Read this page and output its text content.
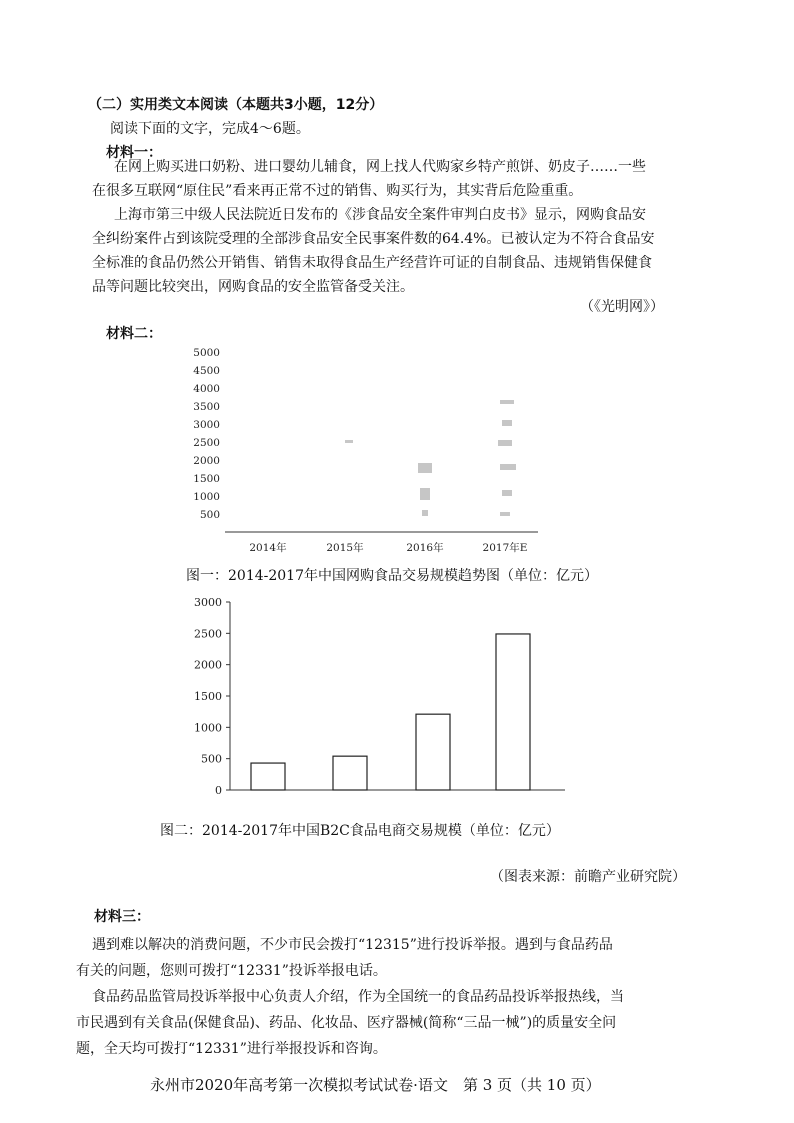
（二）实用类文本阅读（本题共3小题，12分）
阅读下面的文字，完成4～6题。
材料一：

在网上购买进口奶粉、进口婴幼儿辅食，网上找人代购家乡特产煎饼、奶皮子……一些

在很多互联网“原住民”看来再正常不过的销售、购买行为，其实背后危险重重。

上海市第三中级人民法院近日发布的《涉食品安全案件审判白皮书》显示，网购食品安

全纠纷案件占到该院受理的全部涉食品安全民事案件数的64.4%。已被认定为不符合食品安

全标准的食品仍然公开销售、销售未取得食品生产经营许可证的自制食品、违规销售保健食

品等问题比较突出，网购食品的安全监管备受关注。

（《光明网》）
材料二：
500
1000
1500
2000
2500
3000
3500
4000
4500
5000
2014年	2015年	2016年	2017年E
图一：2014-2017年中国网购食品交易规模趋势图（单位：亿元）
0
500
1000
1500
2000
2500
3000
图二：2014-2017年中国B2C食品电商交易规模（单位：亿元）
（图表来源：前瞻产业研究院）
材料三：

遇到难以解决的消费问题，不少市民会拨打“12315”进行投诉举报。遇到与食品药品

有关的问题，您则可拨打“12331”投诉举报电话。

食品药品监管局投诉举报中心负责人介绍，作为全国统一的食品药品投诉举报热线，当

市民遇到有关食品(保健食品)、药品、化妆品、医疗器械(简称“三品一械”)的质量安全问

题，全天均可拨打“12331”进行举报投诉和咨询。

永州市2020年高考第一次模拟考试试卷·语文　第 3 页（共 10 页）
